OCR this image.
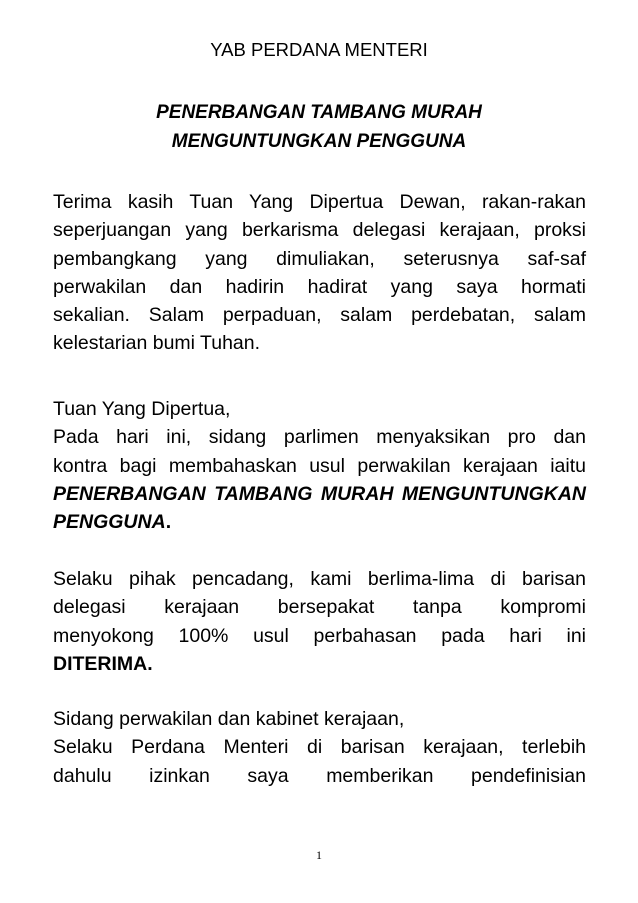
YAB PERDANA MENTERI
PENERBANGAN TAMBANG MURAH
MENGUNTUNGKAN PENGGUNA
Terima kasih Tuan Yang Dipertua Dewan, rakan-rakan
seperjuangan yang berkarisma delegasi kerajaan, proksi
pembangkang yang dimuliakan, seterusnya saf-saf
perwakilan dan hadirin hadirat yang saya hormati
sekalian. Salam perpaduan, salam perdebatan, salam
kelestarian bumi Tuhan.
Tuan Yang Dipertua,
Pada hari ini, sidang parlimen menyaksikan pro dan
kontra bagi membahaskan usul perwakilan kerajaan iaitu
PENERBANGAN TAMBANG MURAH MENGUNTUNGKAN
PENGGUNA.
Selaku pihak pencadang, kami berlima-lima di barisan
delegasi kerajaan bersepakat tanpa kompromi
menyokong 100% usul perbahasan pada hari ini
DITERIMA.
Sidang perwakilan dan kabinet kerajaan,
Selaku Perdana Menteri di barisan kerajaan, terlebih
dahulu izinkan saya memberikan pendefinisian
1
